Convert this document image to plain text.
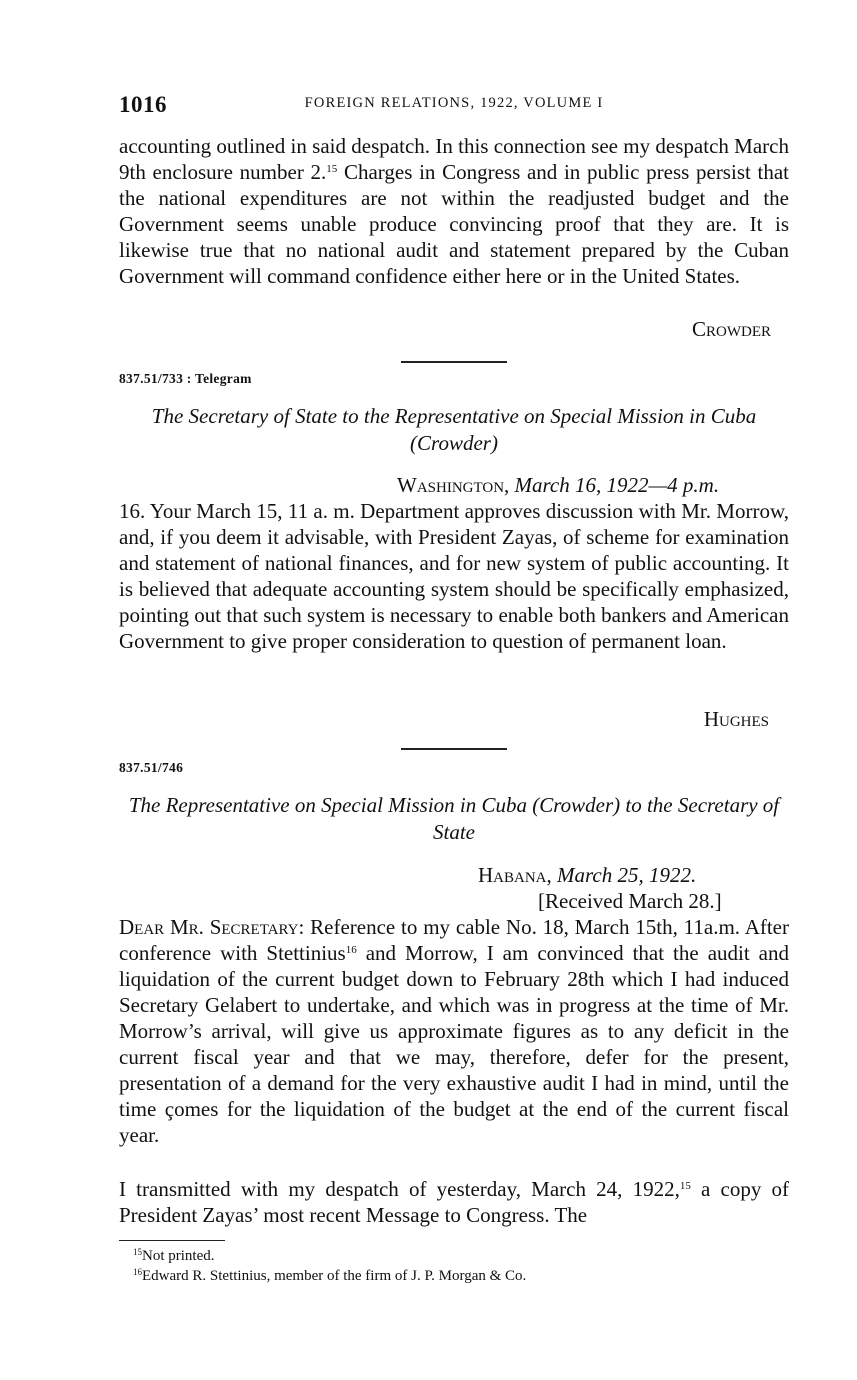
1016	FOREIGN RELATIONS, 1922, VOLUME I
accounting outlined in said despatch. In this connection see my despatch March 9th enclosure number 2.15 Charges in Congress and in public press persist that the national expenditures are not within the readjusted budget and the Government seems unable produce convincing proof that they are. It is likewise true that no national audit and statement prepared by the Cuban Government will command confidence either here or in the United States.
Crowder
837.51/733 : Telegram
The Secretary of State to the Representative on Special Mission in Cuba (Crowder)
Washington, March 16, 1922—4 p.m.
16. Your March 15, 11 a. m. Department approves discussion with Mr. Morrow, and, if you deem it advisable, with President Zayas, of scheme for examination and statement of national finances, and for new system of public accounting. It is believed that adequate accounting system should be specifically emphasized, pointing out that such system is necessary to enable both bankers and American Government to give proper consideration to question of permanent loan.
Hughes
837.51/746
The Representative on Special Mission in Cuba (Crowder) to the Secretary of State
Habana, March 25, 1922.
[Received March 28.]
Dear Mr. Secretary: Reference to my cable No. 18, March 15th, 11a.m. After conference with Stettinius$^{16}$ and Morrow, I am convinced that the audit and liquidation of the current budget down to February 28th which I had induced Secretary Gelabert to undertake, and which was in progress at the time of Mr. Morrow’s arrival, will give us approximate figures as to any deficit in the current fiscal year and that we may, therefore, defer for the present, presentation of a demand for the very exhaustive audit I had in mind, until the time çomes for the liquidation of the budget at the end of the current fiscal year.
I transmitted with my despatch of yesterday, March 24, 1922,15 a copy of President Zayas’ most recent Message to Congress. The
$^{15}$Not printed.
$^{16}$Edward R. Stettinius, member of the firm of J. P. Morgan & Co.
